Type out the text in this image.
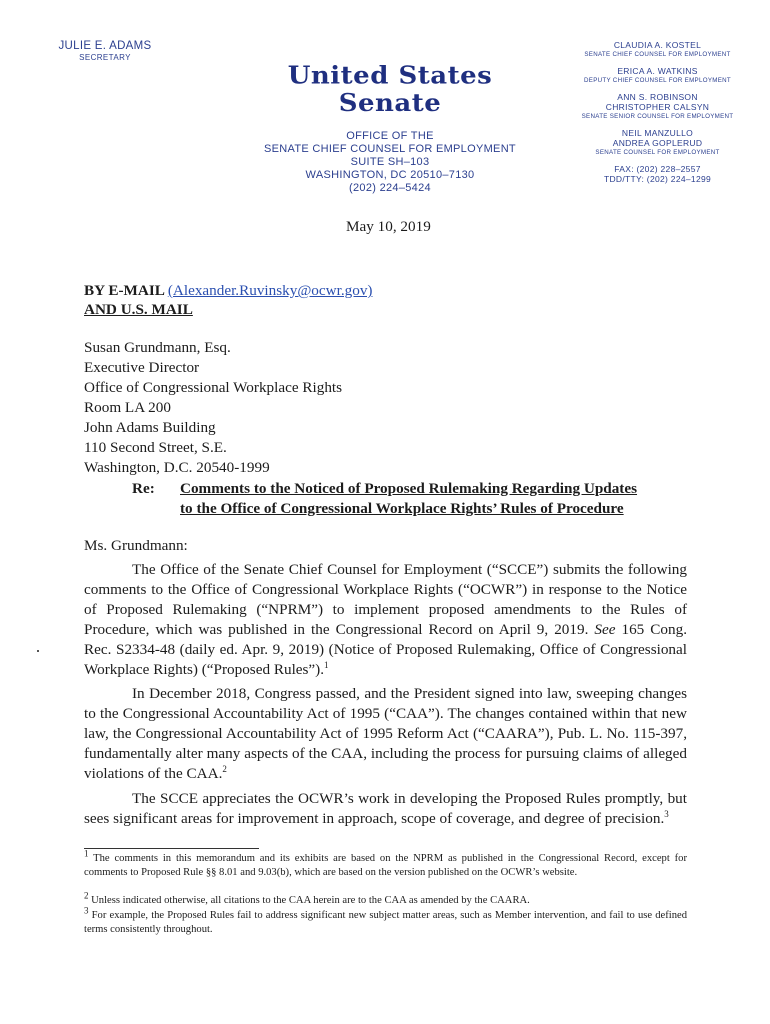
JULIE E. ADAMS
SECRETARY
United States Senate
OFFICE OF THE
SENATE CHIEF COUNSEL FOR EMPLOYMENT
SUITE SH–103
WASHINGTON, DC 20510–7130
(202) 224–5424
CLAUDIA A. KOSTEL
SENATE CHIEF COUNSEL FOR EMPLOYMENT
ERICA A. WATKINS
DEPUTY CHIEF COUNSEL FOR EMPLOYMENT
ANN S. ROBINSON
CHRISTOPHER CALSYN
SENATE SENIOR COUNSEL FOR EMPLOYMENT
NEIL MANZULLO
ANDREA GOPLERUD
SENATE COUNSEL FOR EMPLOYMENT
FAX: (202) 228–2557
TDD/TTY: (202) 224–1299
May 10, 2019
BY E-MAIL (Alexander.Ruvinsky@ocwr.gov)
AND U.S. MAIL
Susan Grundmann, Esq.
Executive Director
Office of Congressional Workplace Rights
Room LA 200
John Adams Building
110 Second Street, S.E.
Washington, D.C. 20540-1999
Re: Comments to the Noticed of Proposed Rulemaking Regarding Updates
to the Office of Congressional Workplace Rights’ Rules of Procedure
Ms. Grundmann:
The Office of the Senate Chief Counsel for Employment (“SCCE”) submits the following comments to the Office of Congressional Workplace Rights (“OCWR”) in response to the Notice of Proposed Rulemaking (“NPRM”) to implement proposed amendments to the Rules of Procedure, which was published in the Congressional Record on April 9, 2019. See 165 Cong. Rec. S2334-48 (daily ed. Apr. 9, 2019) (Notice of Proposed Rulemaking, Office of Congressional Workplace Rights) (“Proposed Rules”).$^1$
In December 2018, Congress passed, and the President signed into law, sweeping changes to the Congressional Accountability Act of 1995 (“CAA”). The changes contained within that new law, the Congressional Accountability Act of 1995 Reform Act (“CAARA”), Pub. L. No. 115-397, fundamentally alter many aspects of the CAA, including the process for pursuing claims of alleged violations of the CAA.$^2$
The SCCE appreciates the OCWR’s work in developing the Proposed Rules promptly, but sees significant areas for improvement in approach, scope of coverage, and degree of precision.$^3$
$^1$ The comments in this memorandum and its exhibits are based on the NPRM as published in the Congressional Record, except for comments to Proposed Rule §§ 8.01 and 9.03(b), which are based on the version published on the OCWR’s website.
$^2$ Unless indicated otherwise, all citations to the CAA herein are to the CAA as amended by the CAARA.
$^3$ For example, the Proposed Rules fail to address significant new subject matter areas, such as Member intervention, and fail to use defined terms consistently throughout.
